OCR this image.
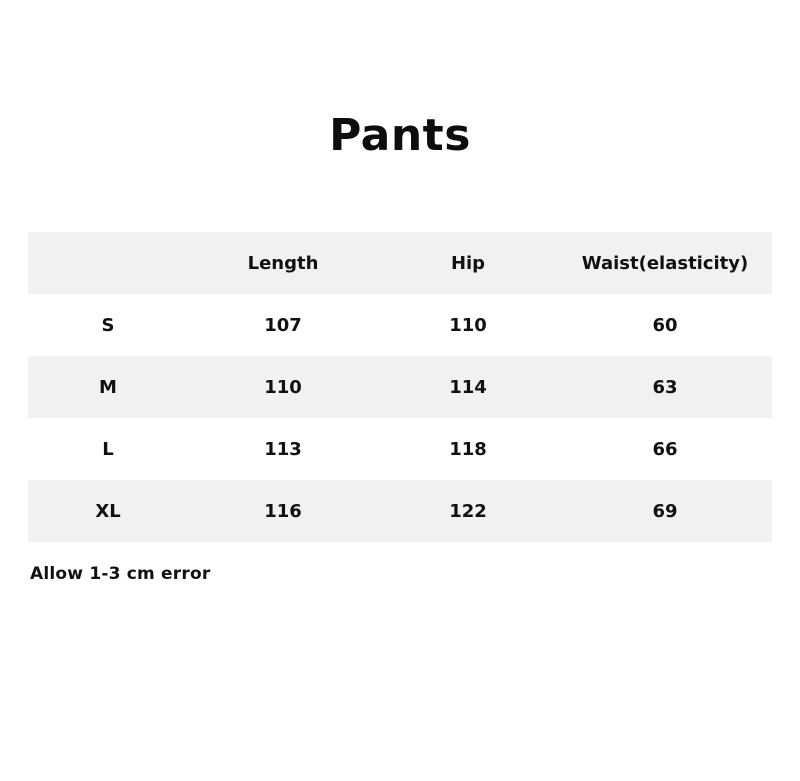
Pants
	Length	Hip	Waist(elasticity)
S	107	110	60
M	110	114	63
L	113	118	66
XL	116	122	69
Allow 1-3 cm error
